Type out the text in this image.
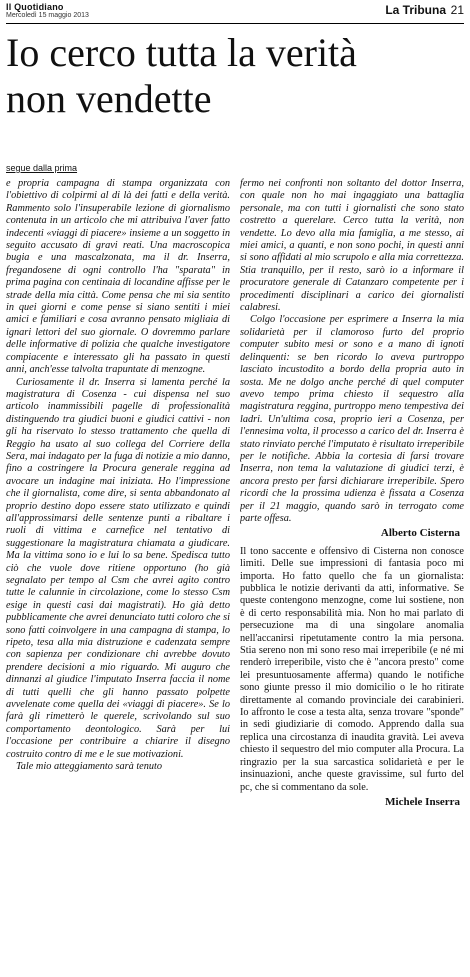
Il Quotidiano
Mercoledì 15 maggio 2013	La Tribuna 21
Io cerco tutta la verità
non vendette
segue dalla prima

e propria campagna di stampa organizzata con l'obiettivo di colpirmi al di là dei fatti e della verità. Rammento solo l'insuperabile lezione di giornalismo contenuta in un articolo che mi attribuiva l'aver fatto indecenti «viaggi di piacere» insieme a un soggetto in seguito accusato di gravi reati. Una macroscopica bugia e una mascalzonata, ma il dr. Inserra, fregandosene di ogni controllo l'ha "sparata" in prima pagina con centinaia di locandine affisse per le strade della mia città. Come pensa che mi sia sentito in quei giorni e come pense si siano sentiti i miei amici e familiari e cosa avranno pensato migliaia di ignari lettori del suo giornale. O dovremmo parlare delle informative di polizia che qualche investigatore compiacente e interessato gli ha passato in questi anni, anch'esse talvolta trapuntate di menzogne.

Curiosamente il dr. Inserra si lamenta perché la magistratura di Cosenza - cui dispensa nel suo articolo inammissibili pagelle di professionalità distinguendo tra giudici buoni e giudici cattivi - non gli ha riservato lo stesso trattamento che quella di Reggio ha usato al suo collega del Corriere della Sera, mai indagato per la fuga di notizie a mio danno, fino a costringere la Procura generale reggina ad avocare un indagine mai iniziata. Ho l'impressione che il giornalista, come dire, si senta abbandonato al proprio destino dopo essere stato utilizzato e quindi all'approssimarsi delle sentenze punti a ribaltare i ruoli di vittima e carnefice nel tentativo di suggestionare la magistratura chiamata a giudicare. Ma la vittima sono io e lui lo sa bene. Spedisca tutto ciò che vuole dove ritiene opportuno (ho già segnalato per tempo al Csm che avrei agito contro tutte le calunnie in circolazione, come lo stesso Csm esige in questi casi dai magistrati). Ho già detto pubblicamente che avrei denunciato tutti coloro che si sono fatti coinvolgere in una campagna di stampa, lo ripeto, tesa alla mia distruzione e cadenzata sempre con sapienza per condizionare chi avrebbe dovuto prendere decisioni a mio riguardo. Mi auguro che dinnanzi al giudice l'imputato Inserra faccia il nome di tutti quelli che gli hanno passato polpette avvelenate come quella dei «viaggi di piacere». Se lo farà gli rimetterò le querele, scrivolando sul suo comportamento deontologico. Sarà per lui l'occasione per contribuire a chiarire il disegno costruito contro di me e le sue motivazioni.

Tale mio atteggiamento sarà tenuto

fermo nei confronti non soltanto del dottor Inserra, con quale non ho mai ingaggiato una battaglia personale, ma con tutti i giornalisti che sono stato costretto a querelare. Cerco tutta la verità, non vendette. Lo devo alla mia famiglia, a me stesso, ai miei amici, a quanti, e non sono pochi, in questi anni si sono affidati al mio scrupolo e alla mia correttezza. Stia tranquillo, per il resto, sarò io a informare il procuratore generale di Catanzaro competente per i procedimenti disciplinari a carico dei giornalisti calabresi.

Colgo l'occasione per esprimere a Inserra la mia solidarietà per il clamoroso furto del proprio computer subito mesi or sono e a mano di ignoti delinquenti: se ben ricordo lo aveva purtroppo lasciato incustodito a bordo della propria auto in sosta. Me ne dolgo anche perché di quel computer avevo tempo prima chiesto il sequestro alla magistratura reggina, purtroppo meno tempestiva dei ladri. Un'ultima cosa, proprio ieri a Cosenza, per l'ennesima volta, il processo a carico del dr. Inserra è stato rinviato perché l'imputato è risultato irreperibile per le notifiche. Abbia la cortesia di farsi trovare Inserra, non tema la valutazione di giudici terzi, è ancora presto per farsi dichiarare irreperibile. Spero ricordi che la prossima udienza è fissata a Cosenza per il 21 maggio, quando sarò in terrogato come parte offesa.

Alberto Cisterna

Il tono saccente e offensivo di Cisterna non conosce limiti. Delle sue impressioni di fantasia poco mi importa. Ho fatto quello che fa un giornalista: pubblica le notizie derivanti da atti, informative. Se queste contengono menzogne, come lui sostiene, non è di certo responsabilità mia. Non ho mai parlato di persecuzione ma di una singolare anomalia nell'accanirsi ripetutamente contro la mia persona. Stia sereno non mi sono reso mai irreperibile (e né mi renderò irreperibile, visto che è "ancora presto" come lei presuntuosamente afferma) quando le notifiche sono giunte presso il mio domicilio o le ho ritirate direttamente al comando provinciale dei carabinieri. Io affronto le cose a testa alta, senza trovare "sponde" in sedi giudiziarie di comodo. Apprendo dalla sua replica una circostanza di inaudita gravità. Lei aveva chiesto il sequestro del mio computer alla Procura. La ringrazio per la sua sarcastica solidarietà e per le insinuazioni, anche queste gravissime, sul furto del pc, che si commentano da sole.

Michele Inserra
